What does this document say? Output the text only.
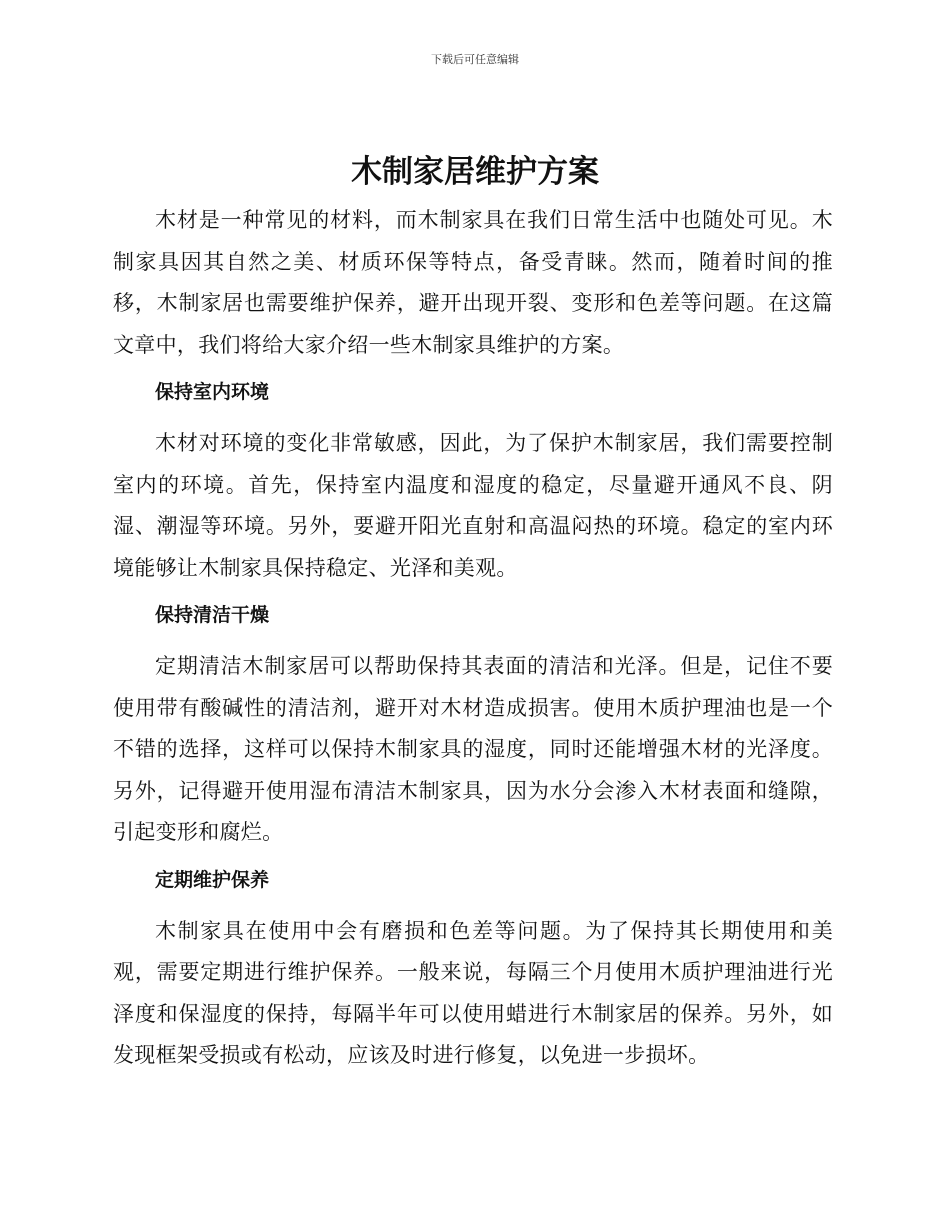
下载后可任意编辑
木制家居维护方案

木材是一种常见的材料，而木制家具在我们日常生活中也随处可见。木制家具因其自然之美、材质环保等特点，备受青睐。然而，随着时间的推移，木制家居也需要维护保养，避开出现开裂、变形和色差等问题。在这篇文章中，我们将给大家介绍一些木制家具维护的方案。

保持室内环境

木材对环境的变化非常敏感，因此，为了保护木制家居，我们需要控制室内的环境。首先，保持室内温度和湿度的稳定，尽量避开通风不良、阴湿、潮湿等环境。另外，要避开阳光直射和高温闷热的环境。稳定的室内环境能够让木制家具保持稳定、光泽和美观。

保持清洁干燥

定期清洁木制家居可以帮助保持其表面的清洁和光泽。但是，记住不要使用带有酸碱性的清洁剂，避开对木材造成损害。使用木质护理油也是一个不错的选择，这样可以保持木制家具的湿度，同时还能增强木材的光泽度。另外，记得避开使用湿布清洁木制家具，因为水分会渗入木材表面和缝隙，引起变形和腐烂。

定期维护保养

木制家具在使用中会有磨损和色差等问题。为了保持其长期使用和美观，需要定期进行维护保养。一般来说，每隔三个月使用木质护理油进行光泽度和保湿度的保持，每隔半年可以使用蜡进行木制家居的保养。另外，如发现框架受损或有松动，应该及时进行修复，以免进一步损坏。
